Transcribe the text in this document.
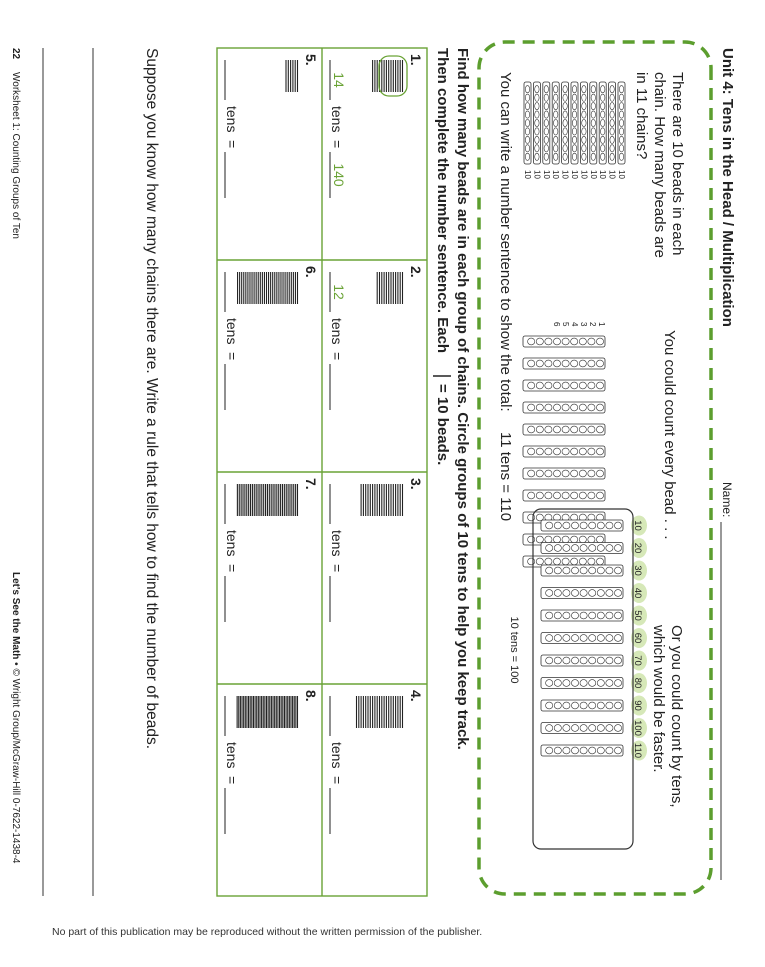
Unit 4: Tens in the Head / Multiplication
Name:
There are 10 beads in each
chain. How many beads are
in 11 chains?
10
10
10
10
10
10
10
10
10
10
10
You could count every bead . . .
1
2
3
4
5
6
Or you could count by tens,
which would be faster.
10
20
30
40
50
60
70
80
90
100
110
10 tens = 100
You can write a number sentence to show the total:
11 tens = 110
Find how many beads are in each group of chains. Circle groups of 10 tens to help you keep track.
Then complete the number sentence. Each
= 10 beads.
1.
14
tens
=
140
2.
12
tens
=
3.
tens
=
4.
tens
=
5.
tens
=
6.
tens
=
7.
tens
=
8.
tens
=
Suppose you know how many chains there are. Write a rule that tells how to find the number of beads.
22
Worksheet 1: Counting Groups of Ten
Let's See the Math • © Wright Group/McGraw-Hill 0-7622-1438-4
No part of this publication may be reproduced without the written permission of the publisher.
